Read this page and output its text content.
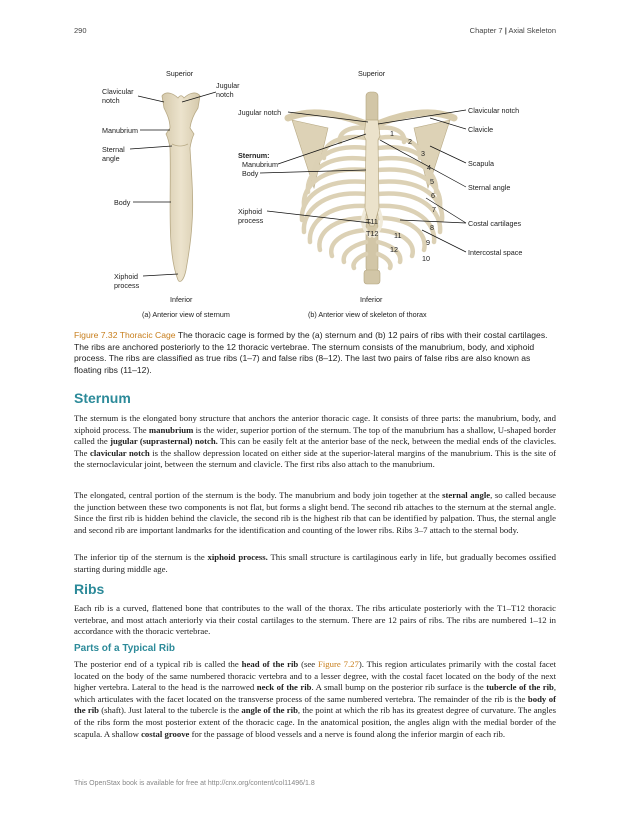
290	Chapter 7 | Axial Skeleton
Superior
Jugular
notch
Clavicular
notch
Manubrium
Sternal
angle
Body
Xiphoid
process
Inferior
(a) Anterior view of sternum
Superior
Jugular notch
Sternum:
Manubrium
Body
Xiphoid
process
Clavicular notch
Clavicle
Scapula
Sternal angle
Costal cartilages
Intercostal space
1
2
3
4
5
6
7
8
9
10
T11
T12 11
12
Inferior
(b) Anterior view of skeleton of thorax
Figure 7.32 Thoracic Cage The thoracic cage is formed by the (a) sternum and (b) 12 pairs of ribs with their costal cartilages. The ribs are anchored posteriorly to the 12 thoracic vertebrae. The sternum consists of the manubrium, body, and xiphoid process. The ribs are classified as true ribs (1–7) and false ribs (8–12). The last two pairs of false ribs are also known as floating ribs (11–12).
Sternum

The sternum is the elongated bony structure that anchors the anterior thoracic cage. It consists of three parts: the manubrium, body, and xiphoid process. The manubrium is the wider, superior portion of the sternum. The top of the manubrium has a shallow, U-shaped border called the jugular (suprasternal) notch. This can be easily felt at the anterior base of the neck, between the medial ends of the clavicles. The clavicular notch is the shallow depression located on either side at the superior-lateral margins of the manubrium. This is the site of the sternoclavicular joint, between the sternum and clavicle. The first ribs also attach to the manubrium.

The elongated, central portion of the sternum is the body. The manubrium and body join together at the sternal angle, so called because the junction between these two components is not flat, but forms a slight bend. The second rib attaches to the sternum at the sternal angle. Since the first rib is hidden behind the clavicle, the second rib is the highest rib that can be identified by palpation. Thus, the sternal angle and second rib are important landmarks for the identification and counting of the lower ribs. Ribs 3–7 attach to the sternal body.

The inferior tip of the sternum is the xiphoid process. This small structure is cartilaginous early in life, but gradually becomes ossified starting during middle age.

Ribs

Each rib is a curved, flattened bone that contributes to the wall of the thorax. The ribs articulate posteriorly with the T1–T12 thoracic vertebrae, and most attach anteriorly via their costal cartilages to the sternum. There are 12 pairs of ribs. The ribs are numbered 1–12 in accordance with the thoracic vertebrae.

Parts of a Typical Rib

The posterior end of a typical rib is called the head of the rib (see Figure 7.27). This region articulates primarily with the costal facet located on the body of the same numbered thoracic vertebra and to a lesser degree, with the costal facet located on the body of the next higher vertebra. Lateral to the head is the narrowed neck of the rib. A small bump on the posterior rib surface is the tubercle of the rib, which articulates with the facet located on the transverse process of the same numbered vertebra. The remainder of the rib is the body of the rib (shaft). Just lateral to the tubercle is the angle of the rib, the point at which the rib has its greatest degree of curvature. The angles of the ribs form the most posterior extent of the thoracic cage. In the anatomical position, the angles align with the medial border of the scapula. A shallow costal groove for the passage of blood vessels and a nerve is found along the inferior margin of each rib.

This OpenStax book is available for free at http://cnx.org/content/col11496/1.8
